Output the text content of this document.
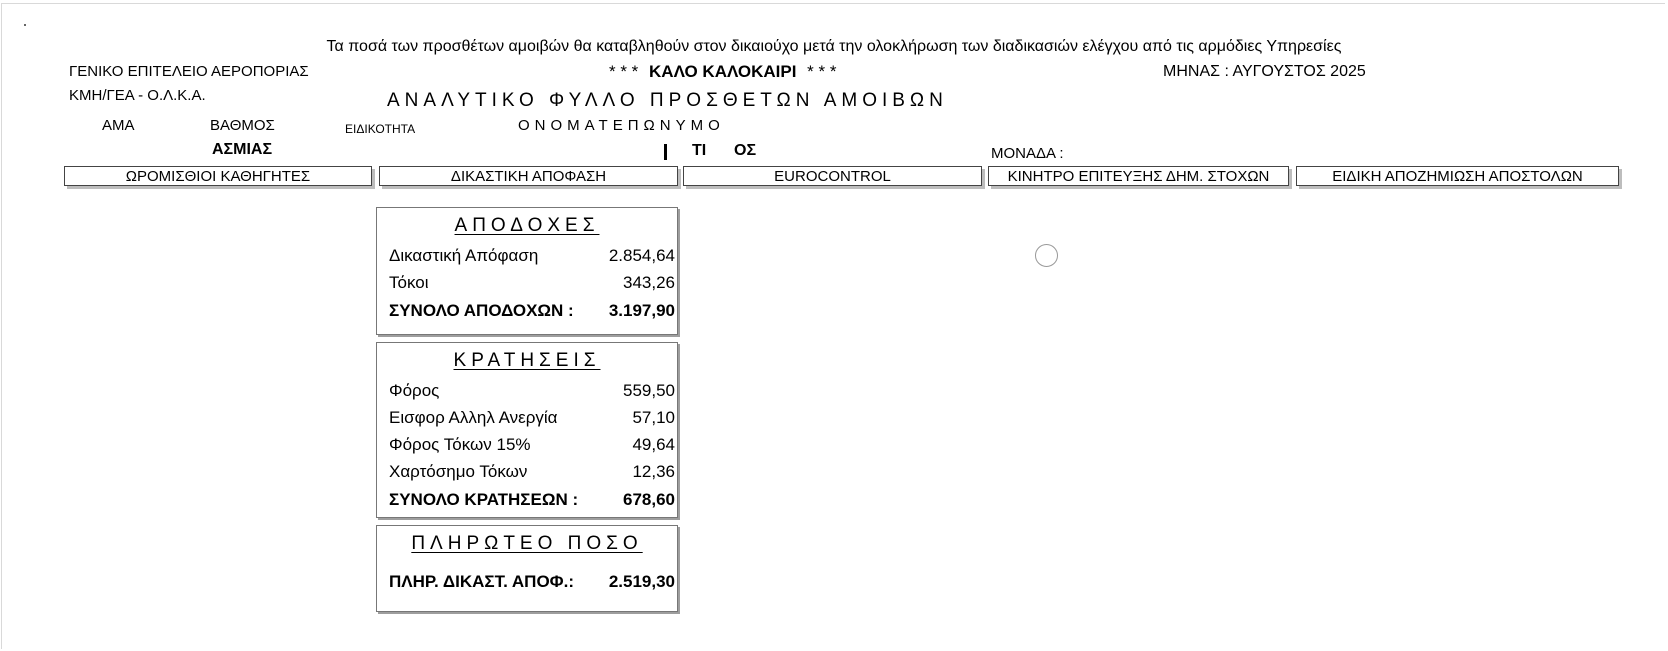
Τα ποσά των προσθέτων αμοιβών θα καταβληθούν στον δικαιούχο μετά την ολοκλήρωση των διαδικασιών ελέγχου από τις αρμόδιες Υπηρεσίες
ΓΕΝΙΚΟ ΕΠΙΤΕΛΕΙΟ ΑΕΡΟΠΟΡΙΑΣ
ΚΜΗ/ΓΕΑ - Ο.Λ.Κ.Α.
* * * ΚΑΛΟ ΚΑΛΟΚΑΙΡΙ * * *	ΜΗΝΑΣ : ΑΥΓΟΥΣΤΟΣ 2025
ΑΝΑΛΥΤΙΚΟ ΦΥΛΛΟ ΠΡΟΣΘΕΤΩΝ ΑΜΟΙΒΩΝ
ΑΜΑ	ΒΑΘΜΟΣ	ΕΙΔΙΚΟΤΗΤΑ	ΟΝΟΜΑΤΕΠΩΝΥΜΟ
ΑΣΜΙΑΣ	ΤΙ ΟΣ	ΜΟΝΑΔΑ :
ΩΡΟΜΙΣΘΙΟΙ ΚΑΘΗΓΗΤΕΣ	ΔΙΚΑΣΤΙΚΗ ΑΠΟΦΑΣΗ	EUROCONTROL	ΚΙΝΗΤΡΟ ΕΠΙΤΕΥΞΗΣ ΔΗΜ. ΣΤΟΧΩΝ	ΕΙΔΙΚΗ ΑΠΟΖΗΜΙΩΣΗ ΑΠΟΣΤΟΛΩΝ
ΑΠΟΔΟΧΕΣ
Δικαστική Απόφαση	2.854,64
Τόκοι	343,26
ΣΥΝΟΛΟ ΑΠΟΔΟΧΩΝ : 3.197,90
ΚΡΑΤΗΣΕΙΣ
Φόρος	559,50
Εισφορ Αλληλ Ανεργία	57,10
Φόρος Τόκων 15%	49,64
Χαρτόσημο Τόκων	12,36
ΣΥΝΟΛΟ ΚΡΑΤΗΣΕΩΝ :	678,60
ΠΛΗΡΩΤΕΟ ΠΟΣΟ
ΠΛΗΡ. ΔΙΚΑΣΤ. ΑΠΟΦ.: 2.519,30
